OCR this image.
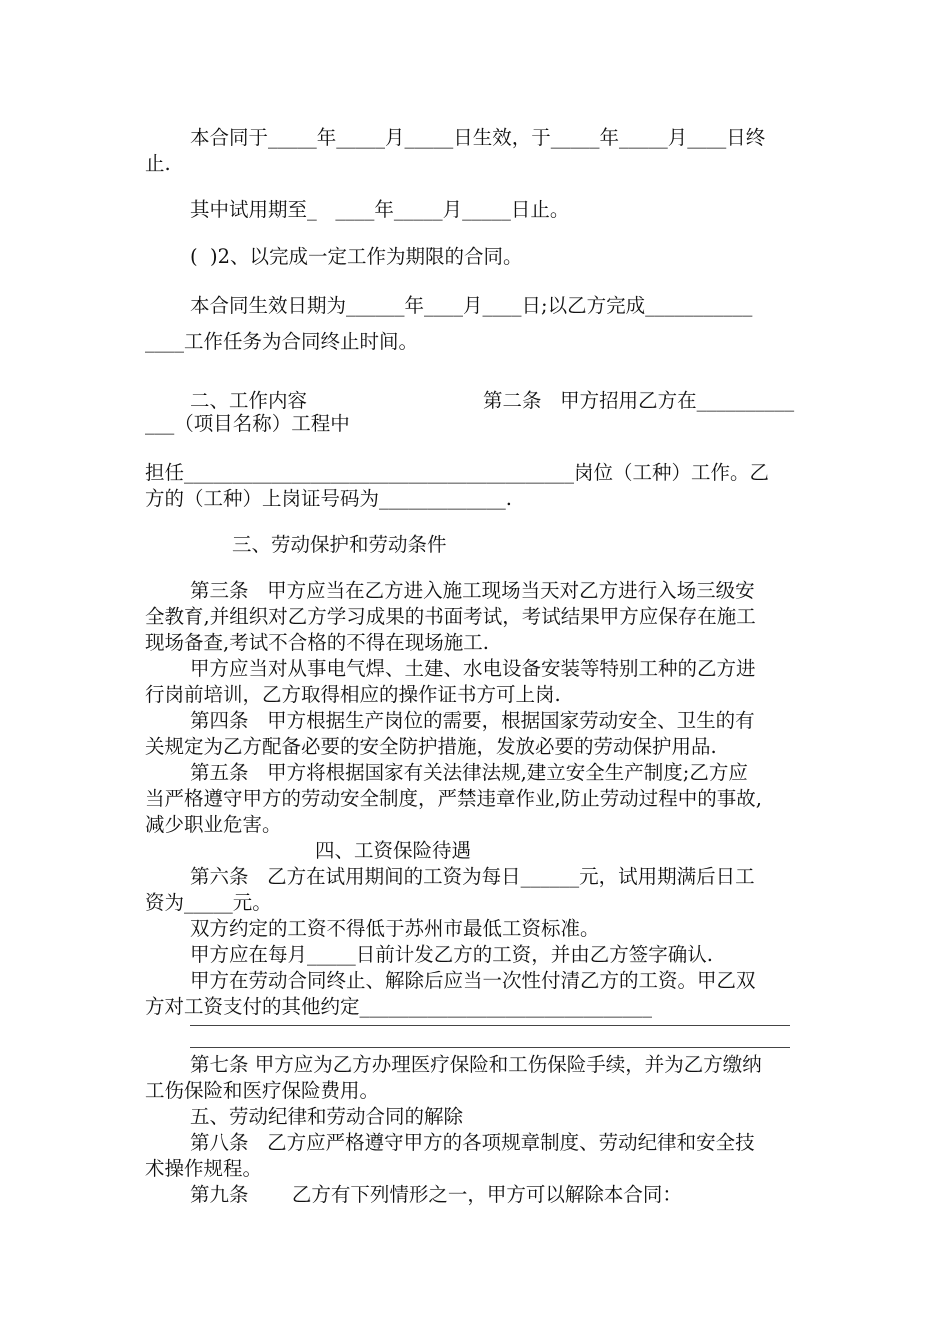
本合同于_____年_____月_____日生效，于_____年_____月____日终
止.
其中试用期至_   ____年_____月_____日止。
(  )2、以完成一定工作为期限的合同。
本合同生效日期为______年____月____日;以乙方完成___________
____工作任务为合同终止时间。
二、工作内容	第二条   甲方招用乙方在__________
___（项目名称）工程中
担任________________________________________岗位（工种）工作。乙
方的（工种）上岗证号码为_____________.
三、劳动保护和劳动条件
第三条   甲方应当在乙方进入施工现场当天对乙方进行入场三级安
全教育,并组织对乙方学习成果的书面考试，考试结果甲方应保存在施工
现场备查,考试不合格的不得在现场施工.
甲方应当对从事电气焊、土建、水电设备安装等特别工种的乙方进
行岗前培训，乙方取得相应的操作证书方可上岗.
第四条   甲方根据生产岗位的需要，根据国家劳动安全、卫生的有
关规定为乙方配备必要的安全防护措施，发放必要的劳动保护用品.
第五条   甲方将根据国家有关法律法规,建立安全生产制度;乙方应
当严格遵守甲方的劳动安全制度，严禁违章作业,防止劳动过程中的事故,
减少职业危害。
四、工资保险待遇
第六条   乙方在试用期间的工资为每日______元，试用期满后日工
资为_____元。
双方约定的工资不得低于苏州市最低工资标准。
甲方应在每月_____日前计发乙方的工资，并由乙方签字确认.
甲方在劳动合同终止、解除后应当一次性付清乙方的工资。甲乙双
方对工资支付的其他约定______________________________
第七条 甲方应为乙方办理医疗保险和工伤保险手续，并为乙方缴纳
工伤保险和医疗保险费用。
五、劳动纪律和劳动合同的解除
第八条   乙方应严格遵守甲方的各项规章制度、劳动纪律和安全技
术操作规程。
第九条       乙方有下列情形之一，甲方可以解除本合同：
